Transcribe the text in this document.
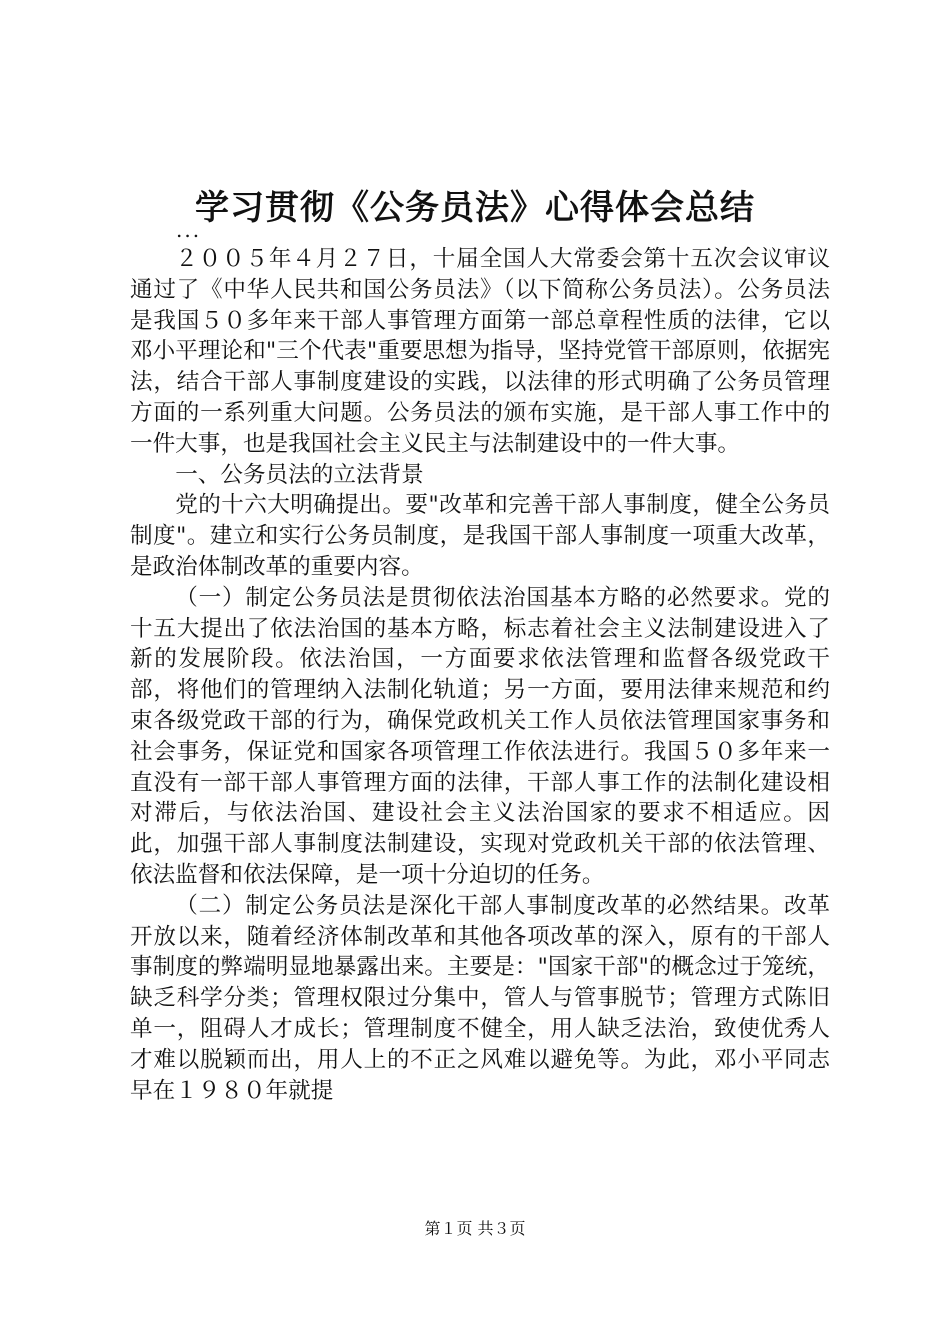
学习贯彻《公务员法》心得体会总结
...

２００５年４月２７日，十届全国人大常委会第十五次会议审议通过了《中华人民共和国公务员法》（以下简称公务员法）。公务员法是我国５０多年来干部人事管理方面第一部总章程性质的法律，它以邓小平理论和"三个代表"重要思想为指导，坚持党管干部原则，依据宪法，结合干部人事制度建设的实践，以法律的形式明确了公务员管理方面的一系列重大问题。公务员法的颁布实施，是干部人事工作中的一件大事，也是我国社会主义民主与法制建设中的一件大事。

一、公务员法的立法背景

党的十六大明确提出。要"改革和完善干部人事制度，健全公务员制度"。建立和实行公务员制度，是我国干部人事制度一项重大改革，是政治体制改革的重要内容。

（一）制定公务员法是贯彻依法治国基本方略的必然要求。党的十五大提出了依法治国的基本方略，标志着社会主义法制建设进入了新的发展阶段。依法治国，一方面要求依法管理和监督各级党政干部，将他们的管理纳入法制化轨道；另一方面，要用法律来规范和约束各级党政干部的行为，确保党政机关工作人员依法管理国家事务和社会事务，保证党和国家各项管理工作依法进行。我国５０多年来一直没有一部干部人事管理方面的法律，干部人事工作的法制化建设相对滞后，与依法治国、建设社会主义法治国家的要求不相适应。因此，加强干部人事制度法制建设，实现对党政机关干部的依法管理、依法监督和依法保障，是一项十分迫切的任务。

（二）制定公务员法是深化干部人事制度改革的必然结果。改革开放以来，随着经济体制改革和其他各项改革的深入，原有的干部人事制度的弊端明显地暴露出来。主要是："国家干部"的概念过于笼统，缺乏科学分类；管理权限过分集中，管人与管事脱节；管理方式陈旧单一，阻碍人才成长；管理制度不健全，用人缺乏法治，致使优秀人才难以脱颖而出，用人上的不正之风难以避免等。为此，邓小平同志早在１９８０年就提

第１页 共３页
